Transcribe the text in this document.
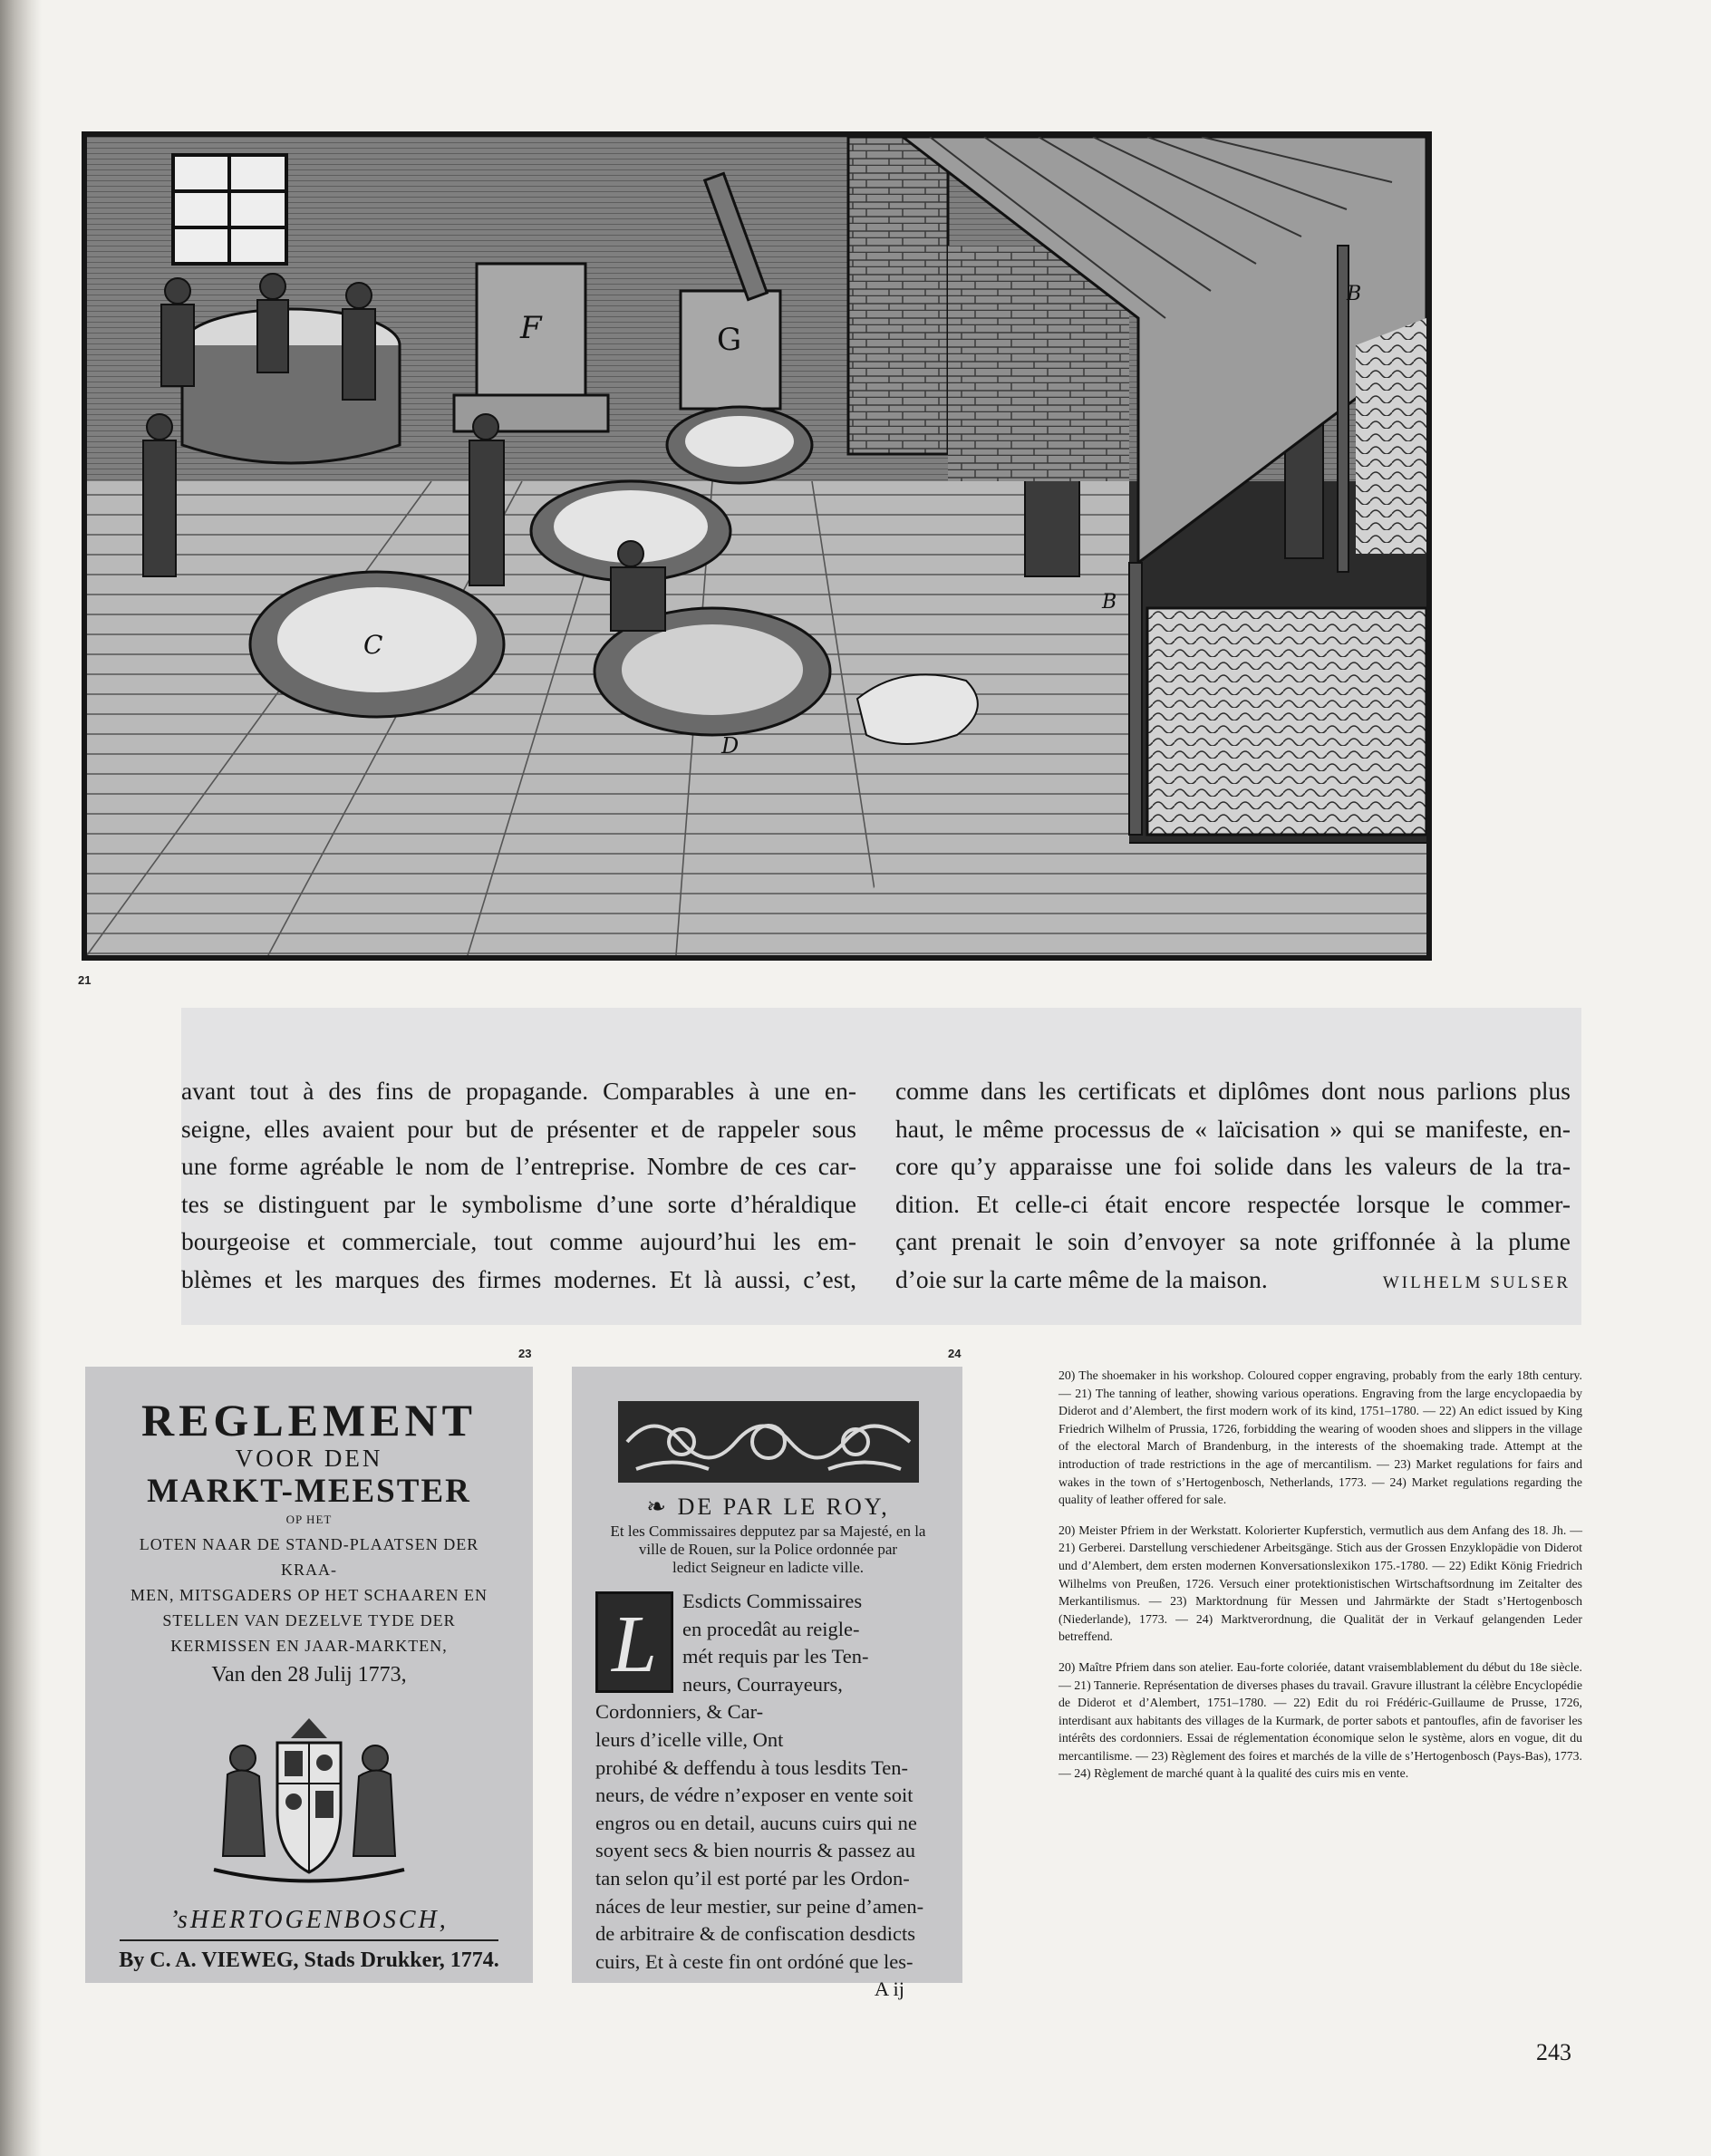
F	G
C
D
B
B
21
avant tout à des fins de propagande. Comparables à une en-
seigne, elles avaient pour but de présenter et de rappeler sous
une forme agréable le nom de l’entreprise. Nombre de ces car-
tes se distinguent par le symbolisme d’une sorte d’héraldique
bourgeoise et commerciale, tout comme aujourd’hui les em-
blèmes et les marques des firmes modernes. Et là aussi, c’est,
comme dans les certificats et diplômes dont nous parlions plus
haut, le même processus de « laïcisation » qui se manifeste, en-
core qu’y apparaisse une foi solide dans les valeurs de la tra-
dition. Et celle-ci était encore respectée lorsque le commer-
çant prenait le soin d’envoyer sa note griffonnée à la plume
d’oie sur la carte même de la maison.	WILHELM SULSER
23	24
REGLEMENT
VOOR DEN
MARKT-MEESTER
OP HET
LOTEN NAAR DE STAND-PLAATSEN DER KRAA-
MEN, MITSGADERS OP HET SCHAAREN EN
STELLEN VAN DEZELVE TYDE DER
KERMISSEN EN JAAR-MARKTEN,
Van den 28 Julij 1773,
’sHERTOGENBOSCH,
By C. A. VIEWEG, Stads Drukker, 1774.
❧ DE PAR LE ROY,
Et les Commissaires depputez par sa Majesté, en la
ville de Rouen, sur la Police ordonnée par
ledict Seigneur en ladicte ville.
L	Esdicts Commissaires
en procedât au reigle-
mét requis par les Ten-
neurs, Courrayeurs,
Cordonniers, & Car-
leurs d’icelle ville, Ont
prohibé & deffendu à tous lesdits Ten-
neurs, de védre n’exposer en vente soit
engros ou en detail, aucuns cuirs qui ne
soyent secs & bien nourris & passez au
tan selon qu’il est porté par les Ordon-
náces de leur mestier, sur peine d’amen-
de arbitraire & de confiscation desdicts
cuirs, Et à ceste fin ont ordóné que les-
A ij

20) The shoemaker in his workshop. Coloured copper engraving, probably from the early 18th century. — 21) The tanning of leather, showing various operations. Engraving from the large encyclopaedia by Diderot and d’Alembert, the first modern work of its kind, 1751–1780. — 22) An edict issued by King Friedrich Wilhelm of Prussia, 1726, forbidding the wearing of wooden shoes and slippers in the village of the electoral March of Brandenburg, in the interests of the shoemaking trade. Attempt at the introduction of trade restrictions in the age of mercantilism. — 23) Market regulations for fairs and wakes in the town of s’Hertogenbosch, Netherlands, 1773. — 24) Market regulations regarding the quality of leather offered for sale.

20) Meister Pfriem in der Werkstatt. Kolorierter Kupferstich, vermutlich aus dem Anfang des 18. Jh. — 21) Gerberei. Darstellung verschiedener Arbeitsgänge. Stich aus der Grossen Enzyklopädie von Diderot und d’Alembert, dem ersten modernen Konversationslexikon 175.-1780. — 22) Edikt König Friedrich Wilhelms von Preußen, 1726. Versuch einer protektionistischen Wirtschaftsordnung im Zeitalter des Merkantilismus. — 23) Marktordnung für Messen und Jahrmärkte der Stadt s’Hertogenbosch (Niederlande), 1773. — 24) Marktverordnung, die Qualität der in Verkauf gelangenden Leder betreffend.

20) Maître Pfriem dans son atelier. Eau-forte coloriée, datant vraisemblablement du début du 18e siècle. — 21) Tannerie. Représentation de diverses phases du travail. Gravure illustrant la célèbre Encyclopédie de Diderot et d’Alembert, 1751–1780. — 22) Edit du roi Frédéric-Guillaume de Prusse, 1726, interdisant aux habitants des villages de la Kurmark, de porter sabots et pantoufles, afin de favoriser les intérêts des cordonniers. Essai de réglementation économique selon le système, alors en vogue, dit du mercantilisme. — 23) Règlement des foires et marchés de la ville de s’Hertogenbosch (Pays-Bas), 1773. — 24) Règlement de marché quant à la qualité des cuirs mis en vente.

243
